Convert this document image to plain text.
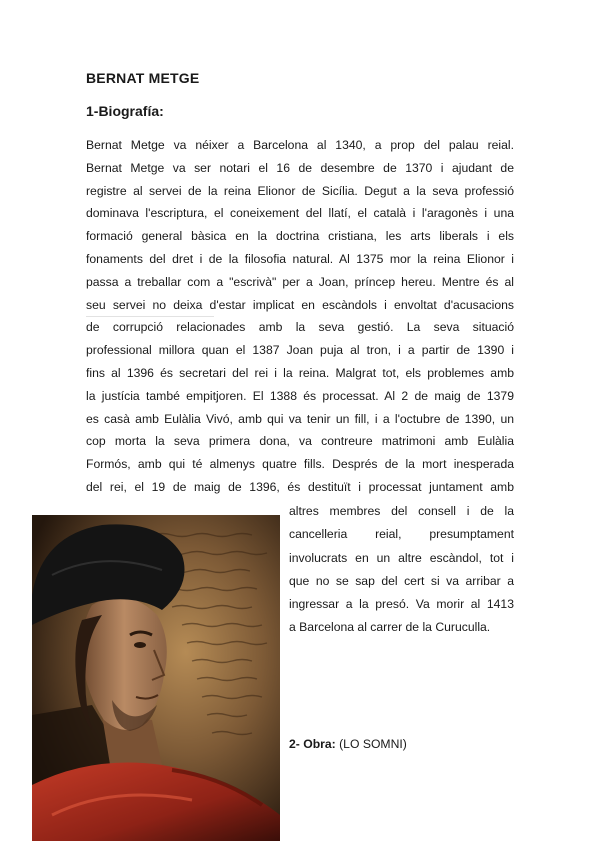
BERNAT METGE
1-Biografía:
Bernat Metge va néixer a Barcelona al 1340, a prop del palau reial.
Bernat Metge va ser notari el 16 de desembre de 1370 i ajudant de
registre al servei de la reina Elionor de Sicília. Degut a la seva professió
dominava l'escriptura, el coneixement del llatí, el català i l'aragonès i una
formació general bàsica en la doctrina cristiana, les arts liberals i els
fonaments del dret i de la filosofia natural. Al 1375 mor la reina Elionor i
passa a treballar com a "escrivà" per a Joan, príncep hereu. Mentre és al
seu servei no deixa d'estar implicat en escàndols i envoltat d'acusacions
de corrupció relacionades amb la seva gestió. La seva situació
professional millora quan el 1387 Joan puja al tron, i a partir de 1390 i
fins al 1396 és secretari del rei i la reina. Malgrat tot, els problemes amb
la justícia també empitjoren. El 1388 és processat. Al 2 de maig de 1379
es casà amb Eulàlia Vivó, amb qui va tenir un fill, i a l'octubre de 1390, un
cop morta la seva primera dona, va contreure matrimoni amb Eulàlia
Formós, amb qui té almenys quatre fills. Després de la mort inesperada
del rei, el 19 de maig de 1396, és destituït i processat juntament amb
altres membres del consell i de la
cancelleria reial, presumptament
involucrats en un altre escàndol, tot i
que no se sap del cert si va arribar a
ingressar a la presó. Va morir al 1413
a Barcelona al carrer de la Curuculla.
2- Obra: (LO SOMNI)
